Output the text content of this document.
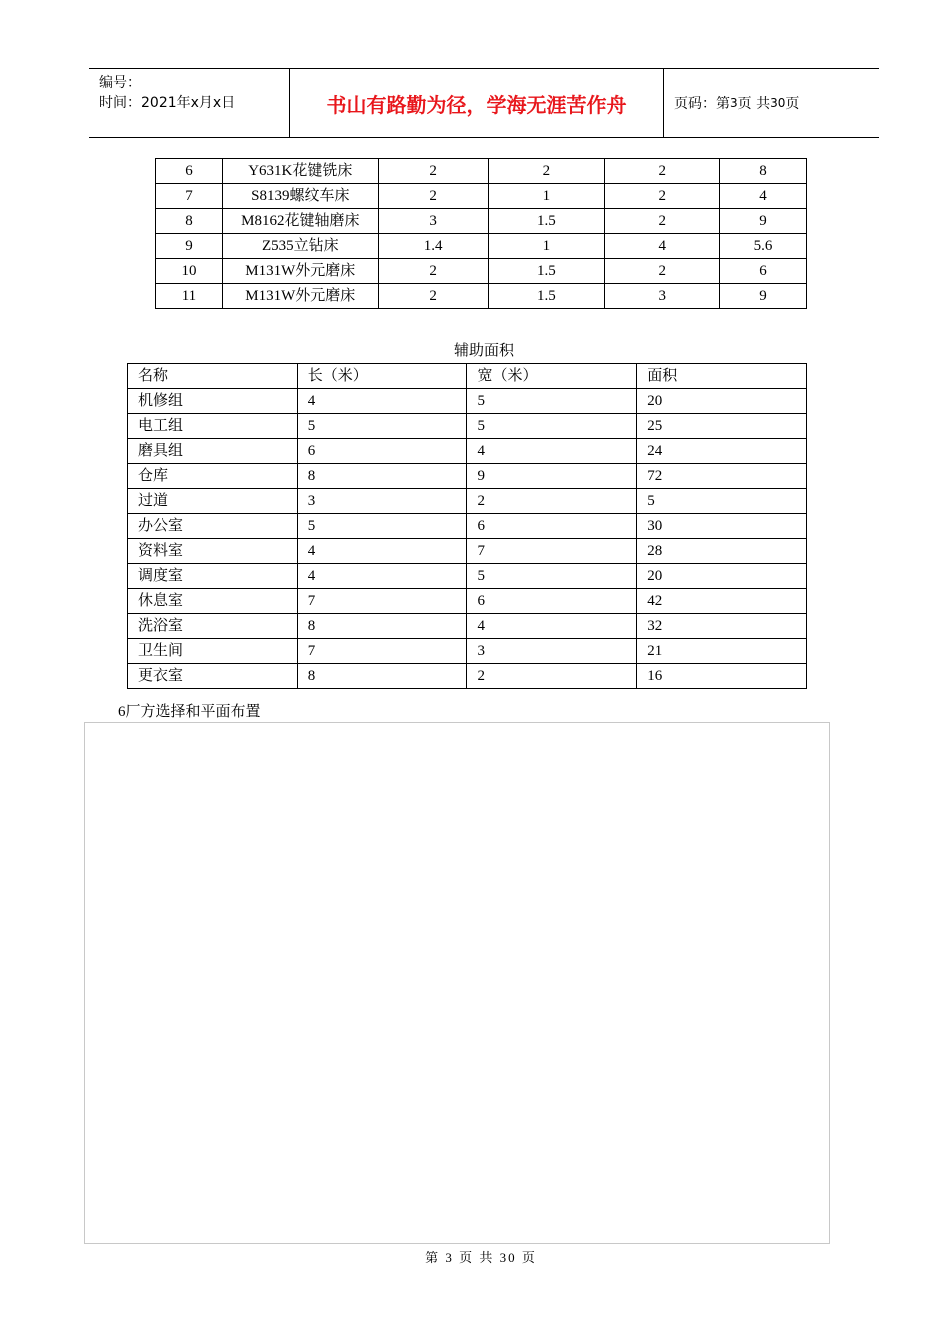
编号：
时间：2021年x月x日	书山有路勤为径，学海无涯苦作舟	页码：第 3 页 共 30 页
6	Y631K花键铣床	2	2	2	8
7	S8139螺纹车床	2	1	2	4
8	M8162花键轴磨床	3	1.5	2	9
9	Z535立钻床	1.4	1	4	5.6
10	M131W外元磨床	2	1.5	2	6
11	M131W外元磨床	2	1.5	3	9
辅助面积
名称	长（米）	宽（米）	面积
机修组	4	5	20
电工组	5	5	25
磨具组	6	4	24
仓库	8	9	72
过道	3	2	5
办公室	5	6	30
资料室	4	7	28
调度室	4	5	20
休息室	7	6	42
洗浴室	8	4	32
卫生间	7	3	21
更衣室	8	2	16
6厂方选择和平面布置
第 3 页 共 30 页
